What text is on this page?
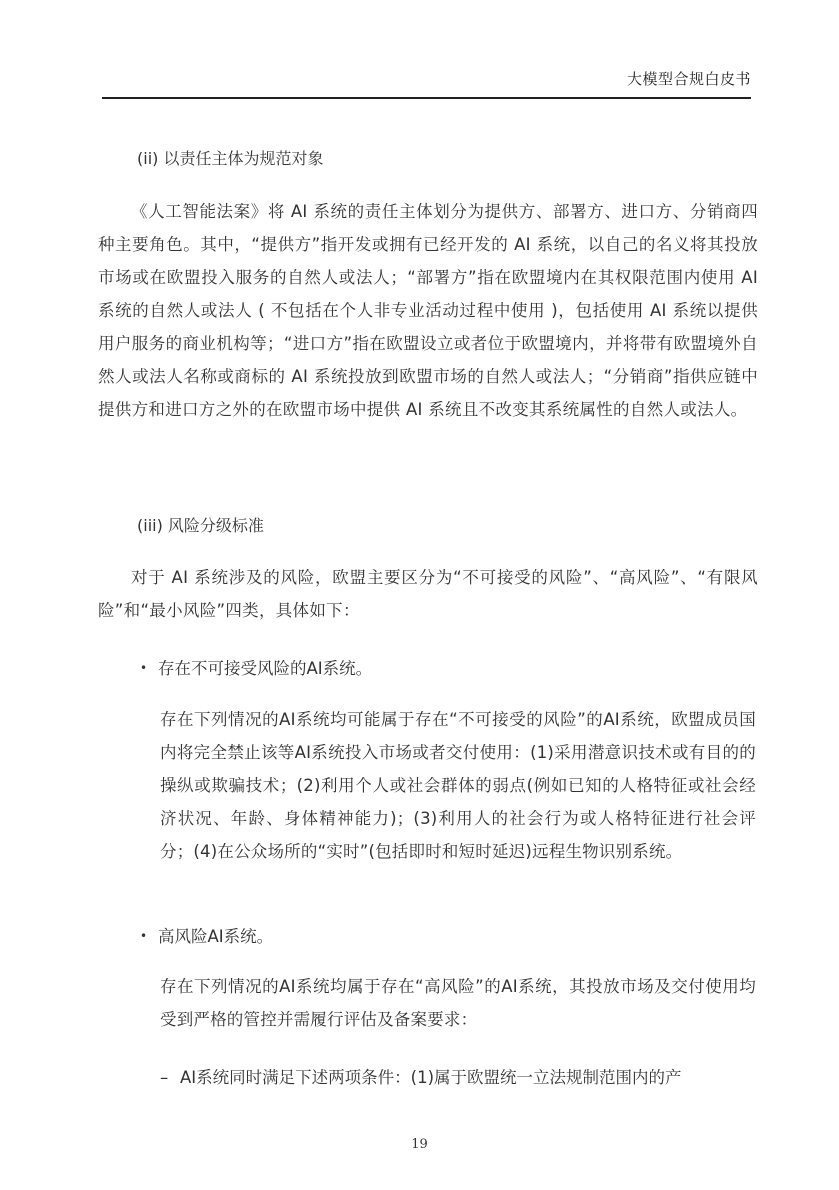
大模型合规白皮书
(ii) 以责任主体为规范对象
《人工智能法案》将 AI 系统的责任主体划分为提供方、部署方、进口方、分销商四种主要角色。其中，“提供方”指开发或拥有已经开发的 AI 系统，以自己的名义将其投放市场或在欧盟投入服务的自然人或法人；“部署方”指在欧盟境内在其权限范围内使用 AI 系统的自然人或法人 ( 不包括在个人非专业活动过程中使用 )，包括使用 AI 系统以提供用户服务的商业机构等；“进口方”指在欧盟设立或者位于欧盟境内，并将带有欧盟境外自然人或法人名称或商标的 AI 系统投放到欧盟市场的自然人或法人；“分销商”指供应链中提供方和进口方之外的在欧盟市场中提供 AI 系统且不改变其系统属性的自然人或法人。
(iii) 风险分级标准
对于 AI 系统涉及的风险，欧盟主要区分为“不可接受的风险”、“高风险”、“有限风险”和“最小风险”四类，具体如下：
• 存在不可接受风险的AI系统。
存在下列情况的AI系统均可能属于存在“不可接受的风险”的AI系统，欧盟成员国内将完全禁止该等AI系统投入市场或者交付使用：(1)采用潜意识技术或有目的的操纵或欺骗技术；(2)利用个人或社会群体的弱点(例如已知的人格特征或社会经济状况、年龄、身体精神能力)；(3)利用人的社会行为或人格特征进行社会评分；(4)在公众场所的“实时”(包括即时和短时延迟)远程生物识别系统。
• 高风险AI系统。
存在下列情况的AI系统均属于存在“高风险”的AI系统，其投放市场及交付使用均受到严格的管控并需履行评估及备案要求：
– AI系统同时满足下述两项条件：(1)属于欧盟统一立法规制范围内的产
19
